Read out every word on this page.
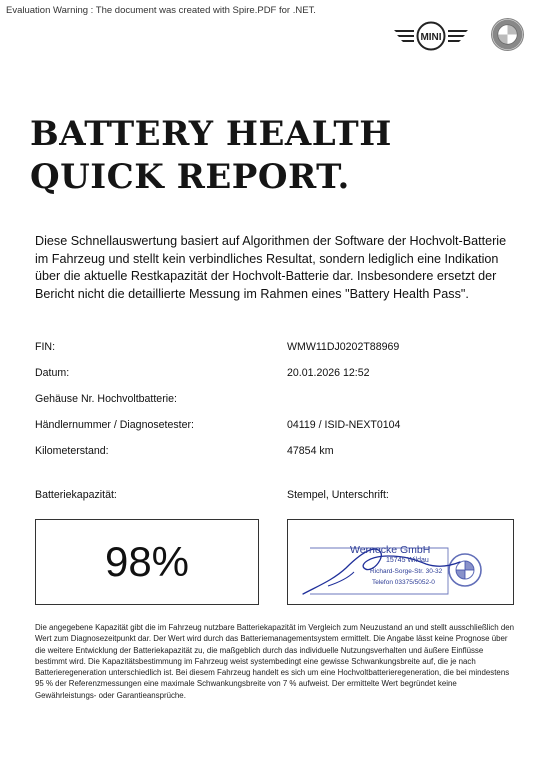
Evaluation Warning : The document was created with Spire.PDF for .NET.
MINI
BATTERY HEALTH
QUICK REPORT.
Diese Schnellauswertung basiert auf Algorithmen der Software der Hochvolt-Batterie im Fahrzeug und stellt kein verbindliches Resultat, sondern lediglich eine Indikation über die aktuelle Restkapazität der Hochvolt-Batterie dar. Insbesondere ersetzt der Bericht nicht die detaillierte Messung im Rahmen eines "Battery Health Pass".
FIN:	WMW11DJ0202T88969
Datum:	20.01.2026 12:52
Gehäuse Nr. Hochvoltbatterie:
Händlernummer / Diagnosetester:	04119 / ISID-NEXT0104
Kilometerstand:	47854 km
Batteriekapazität:	Stempel, Unterschrift:
98%	Wernecke GmbH
15745 Wildau
Richard-Sorge-Str. 30-32
Telefon 03375/5052-0
Die angegebene Kapazität gibt die im Fahrzeug nutzbare Batteriekapazität im Vergleich zum Neuzustand an und stellt ausschließlich den Wert zum Diagnosezeitpunkt dar. Der Wert wird durch das Batteriemanagementsystem ermittelt. Die Angabe lässt keine Prognose über die weitere Entwicklung der Batteriekapazität zu, die maßgeblich durch das individuelle Nutzungsverhalten und äußere Einflüsse bestimmt wird. Die Kapazitätsbestimmung im Fahrzeug weist systembedingt eine gewisse Schwankungsbreite auf, die je nach Batterieregeneration unterschiedlich ist. Bei diesem Fahrzeug handelt es sich um eine Hochvoltbatterieregeneration, die bei mindestens 95 % der Referenzmessungen eine maximale Schwankungsbreite von 7 % aufweist. Der ermittelte Wert begründet keine Gewährleistungs- oder Garantieansprüche.
